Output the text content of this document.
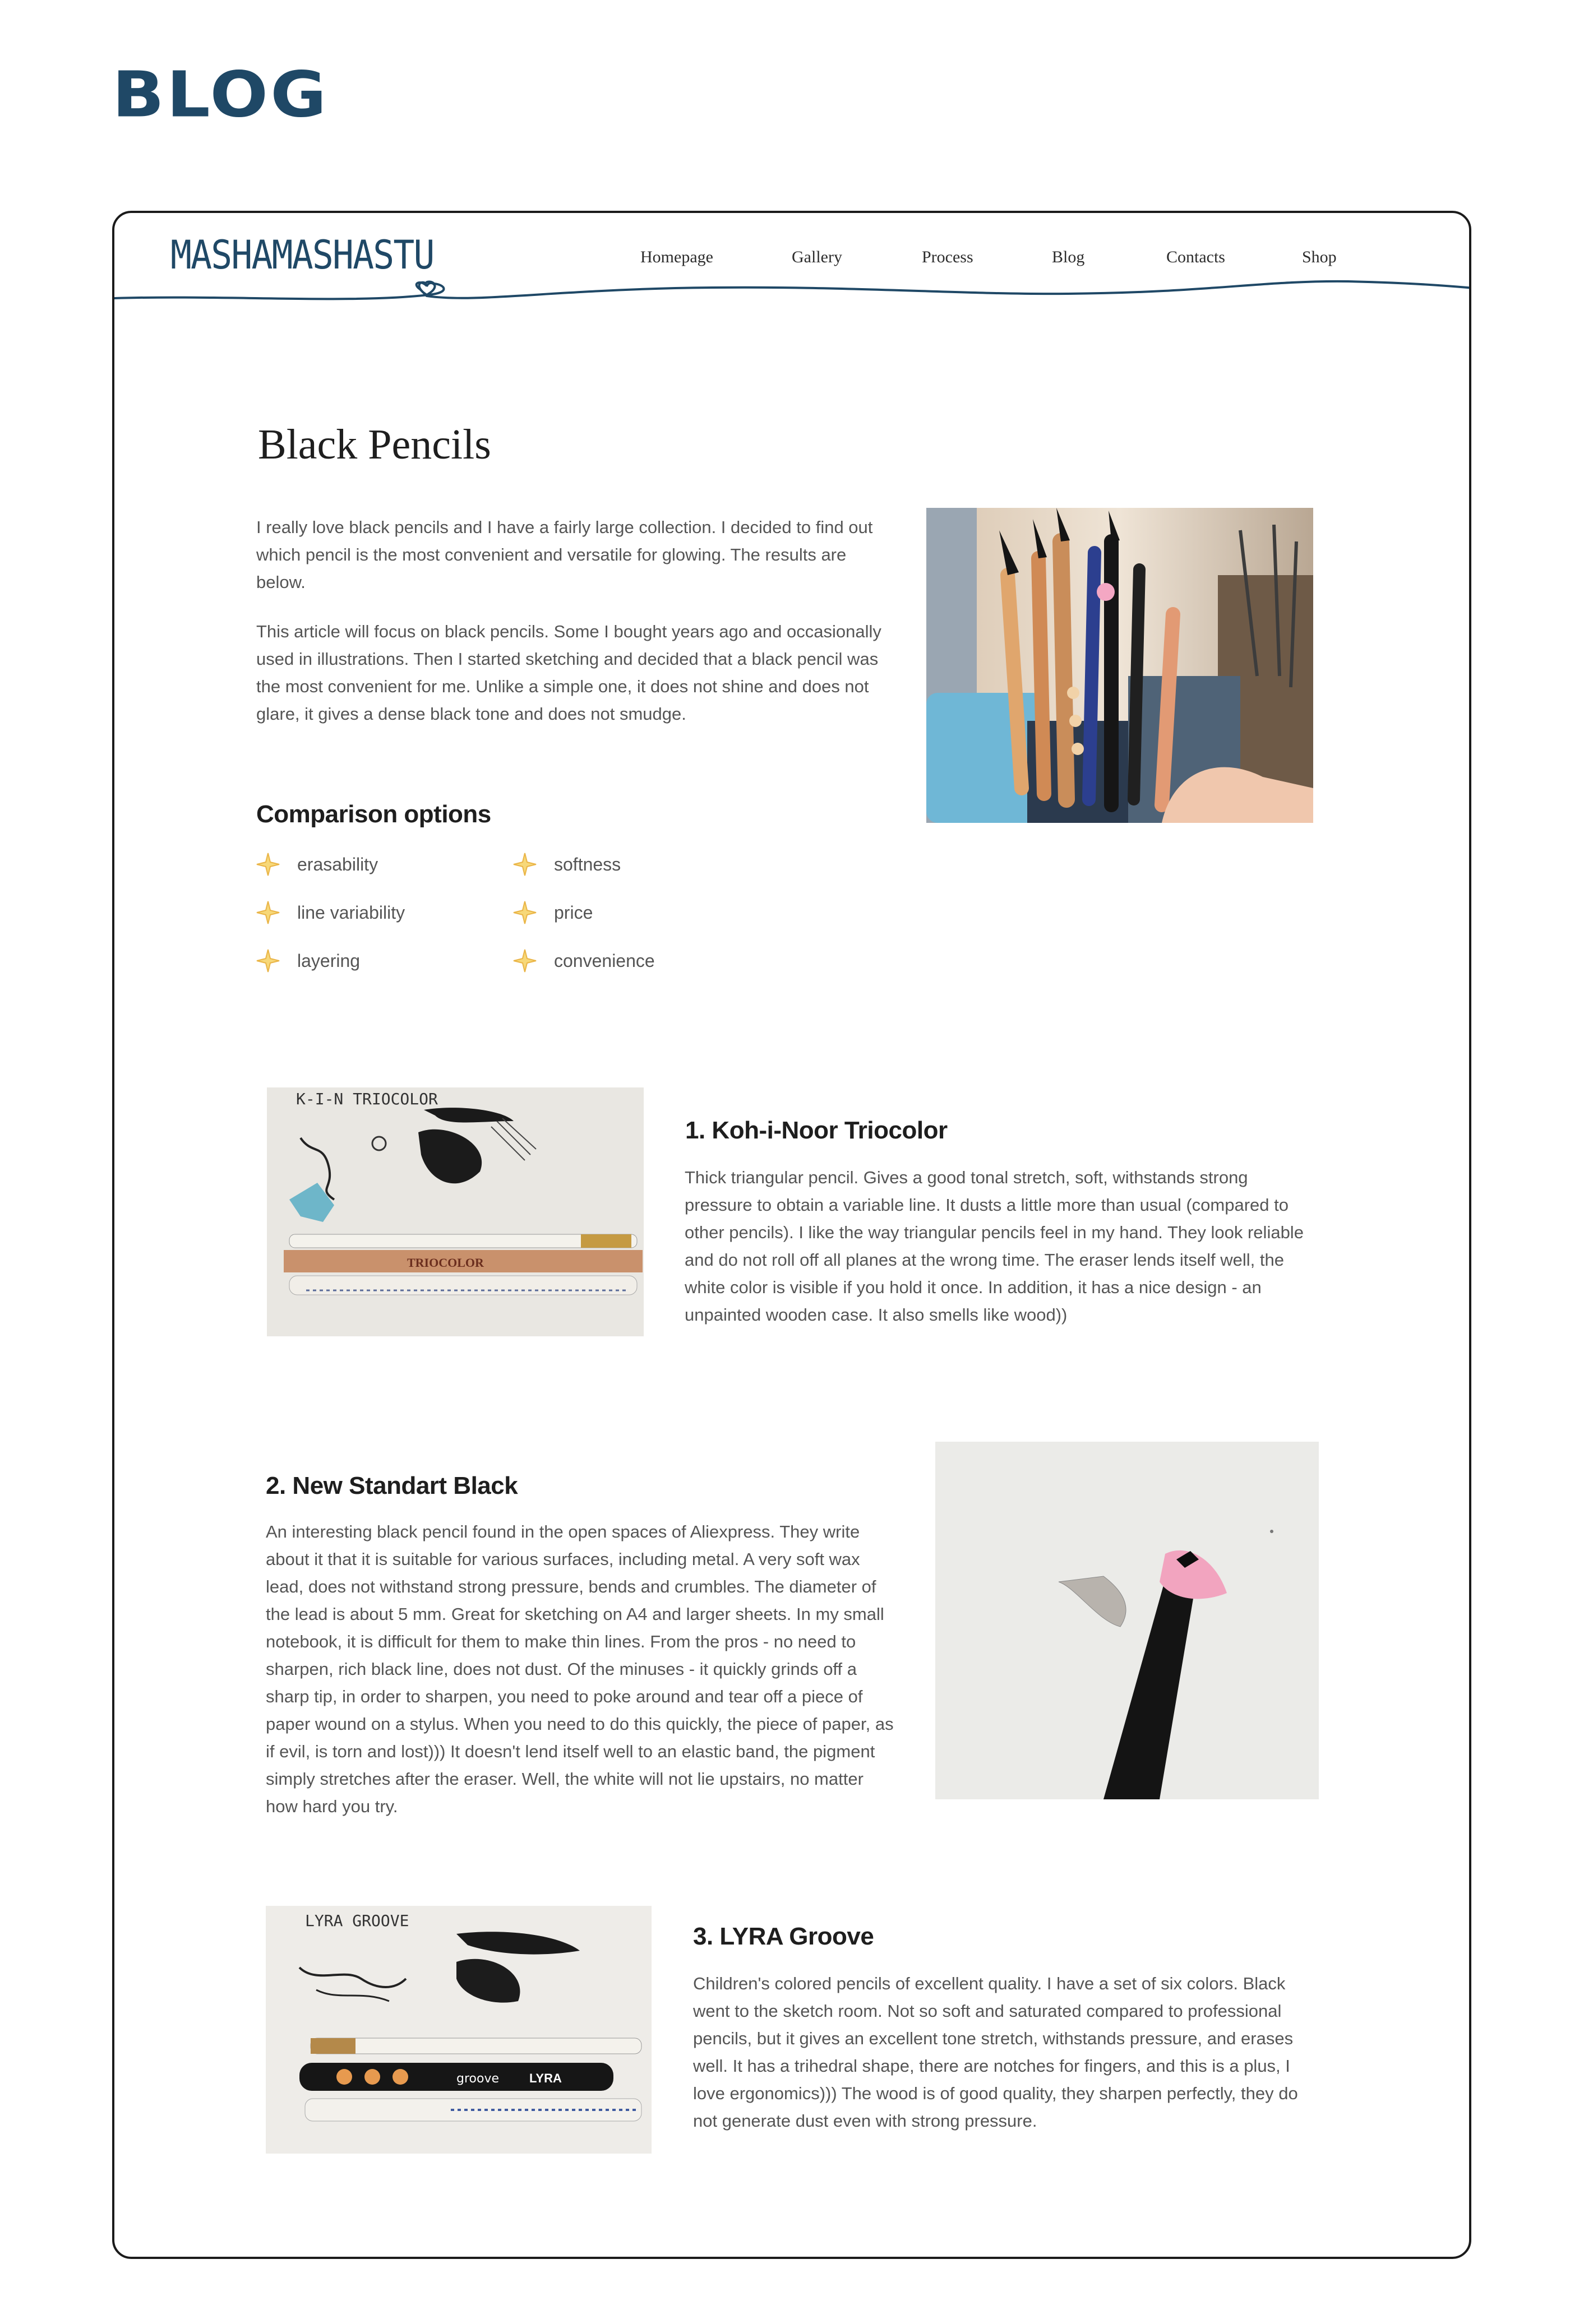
BLOG
MASHAMASHASTU	Homepage	Gallery	Process	Blog	Contacts	Shop
Black Pencils

I really love black pencils and I have a fairly large collection. I decided to find out which pencil is the most convenient and versatile for glowing. The results are below.

This article will focus on black pencils. Some I bought years ago and occasionally used in illustrations. Then I started sketching and decided that a black pencil was the most convenient for me. Unlike a simple one, it does not shine and does not glare, it gives a dense black tone and does not smudge.

Comparison options
erasability	softness
line variability	price
layering	convenience
K-I-N TRIOCOLOR
TRIOCOLOR
1. Koh-i-Noor Triocolor

Thick triangular pencil. Gives a good tonal stretch, soft, withstands strong pressure to obtain a variable line. It dusts a little more than usual (compared to other pencils). I like the way triangular pencils feel in my hand. They look reliable and do not roll off all planes at the wrong time. The eraser lends itself well, the white color is visible if you hold it once. In addition, it has a nice design - an unpainted wooden case. It also smells like wood))

2. New Standart Black

An interesting black pencil found in the open spaces of Aliexpress. They write about it that it is suitable for various surfaces, including metal. A very soft wax lead, does not withstand strong pressure, bends and crumbles. The diameter of the lead is about 5 mm. Great for sketching on A4 and larger sheets. In my small notebook, it is difficult for them to make thin lines. From the pros - no need to sharpen, rich black line, does not dust. Of the minuses - it quickly grinds off a sharp tip, in order to sharpen, you need to poke around and tear off a piece of paper wound on a stylus. When you need to do this quickly, the piece of paper, as if evil, is torn and lost))) It doesn't lend itself well to an elastic band, the pigment simply stretches after the eraser. Well, the white will not lie upstairs, no matter how hard you try.

LYRA GROOVE
groove LYRA
3. LYRA Groove

Children's colored pencils of excellent quality. I have a set of six colors. Black went to the sketch room. Not so soft and saturated compared to professional pencils, but it gives an excellent tone stretch, withstands pressure, and erases well. It has a trihedral shape, there are notches for fingers, and this is a plus, I love ergonomics))) The wood is of good quality, they sharpen perfectly, they do not generate dust even with strong pressure.
